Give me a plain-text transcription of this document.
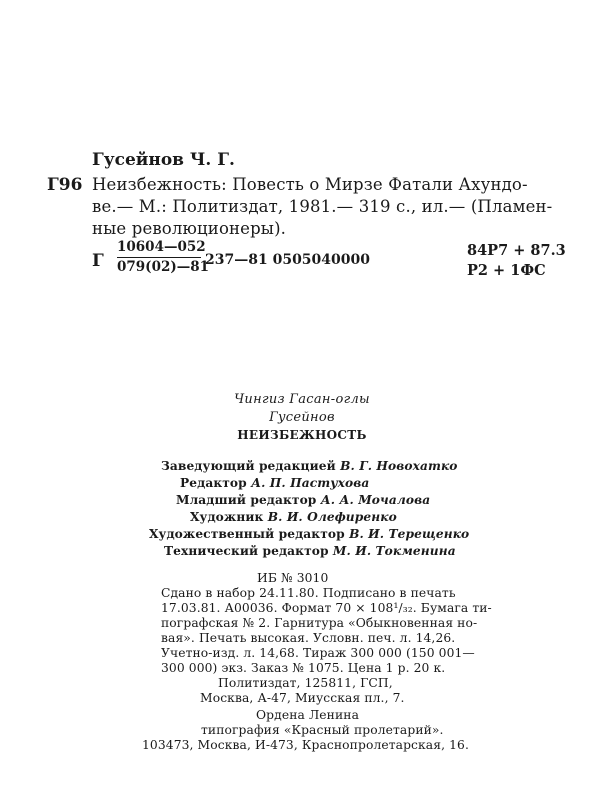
Гусейнов Ч. Г.
Г96 Неизбежность: Повесть о Мирзе Фатали Ахундо-
ве.— М.: Политиздат, 1981.— 319 с., ил.— (Пламен-
ные революционеры).
Г $\frac{10604—052}{079(02)—81}$ 237—81 0505040000
84Р7 + 87.3
Р2 + 1ФС
Чингиз Гасан-оглы
Гусейнов
НЕИЗБЕЖНОСТЬ
Заведующий редакцией В. Г. Новохатко
Редактор А. П. Пастухова
Младший редактор А. А. Мочалова
Художник В. И. Олефиренко
Художественный редактор В. И. Терещенко
Технический редактор М. И. Токменина
ИБ № 3010
Сдано в набор 24.11.80. Подписано в печать
17.03.81. А00036. Формат 70 × 108¹/₃₂. Бумага ти-
пографская № 2. Гарнитура «Обыкновенная но-
вая». Печать высокая. Условн. печ. л. 14,26.
Учетно-изд. л. 14,68. Тираж 300 000 (150 001—
300 000) экз. Заказ № 1075. Цена 1 р. 20 к.
Политиздат, 125811, ГСП,
Москва, А-47, Миусская пл., 7.
Ордена Ленина
типография «Красный пролетарий».
103473, Москва, И-473, Краснопролетарская, 16.
